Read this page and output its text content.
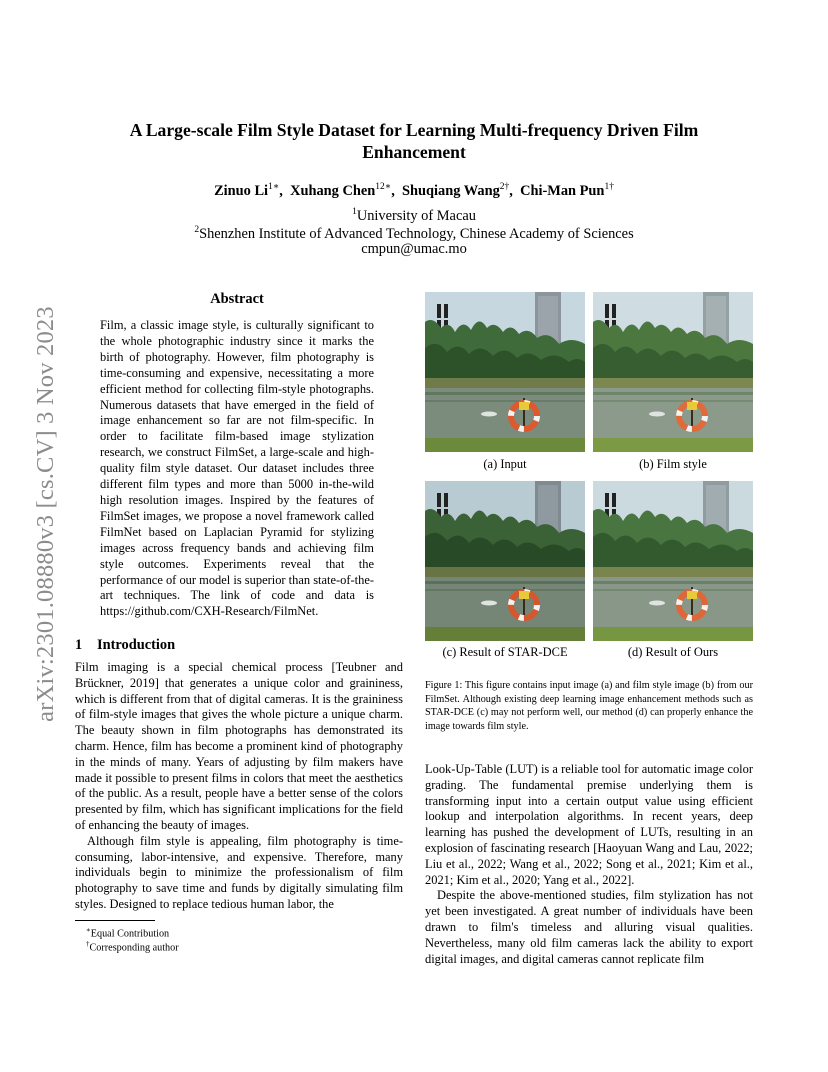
arXiv:2301.08880v3 [cs.CV] 3 Nov 2023
A Large-scale Film Style Dataset for Learning Multi-frequency Driven Film
Enhancement
Zinuo $Li^{1∗}$,  Xuhang Chen$^{12∗}$,  Shuqiang Wang$^{2\dagger}$,  Chi-Man Pun$^{1\dagger}$
$^1$University of Macau
$^2$Shenzhen Institute of Advanced Technology, Chinese Academy of Sciences
cmpun@umac.mo
Abstract
Film, a classic image style, is culturally significant to the whole photographic industry since it marks the birth of photography. However, film photography is time-consuming and expensive, necessitating a more efficient method for collecting film-style photographs. Numerous datasets that have emerged in the field of image enhancement so far are not film-specific. In order to facilitate film-based image stylization research, we construct FilmSet, a large-scale and high-quality film style dataset. Our dataset includes three different film types and more than 5000 in-the-wild high resolution images. Inspired by the features of FilmSet images, we propose a novel framework called FilmNet based on Laplacian Pyramid for stylizing images across frequency bands and achieving film style outcomes. Experiments reveal that the performance of our model is superior than state-of-the-art techniques. The link of code and data is https://github.com/CXH-Research/FilmNet.
1 Introduction

Film imaging is a special chemical process [Teubner and Brückner, 2019] that generates a unique color and graininess, which is different from that of digital cameras. It is the graininess of film-style images that gives the whole picture a unique charm. The beauty shown in film photographs has demonstrated its charm. Hence, film has become a prominent kind of photography in the minds of many. Years of adjusting by film makers have made it possible to present films in colors that meet the aesthetics of the public. As a result, people have a better sense of the colors presented by film, which has significant implications for the field of enhancing the beauty of images.

Although film style is appealing, film photography is time-consuming, labor-intensive, and expensive. Therefore, many individuals begin to minimize the professionalism of film photography to save time and funds by digitally simulating film styles. Designed to replace tedious human labor, the

∗Equal Contribution
†Corresponding author
(a) Input	(b) Film style
(c) Result of STAR-DCE	(d) Result of Ours
Figure 1: This figure contains input image (a) and film style image (b) from our FilmSet. Although existing deep learning image enhancement methods such as STAR-DCE (c) may not perform well, our method (d) can properly enhance the image towards film style.

Look-Up-Table (LUT) is a reliable tool for automatic image color grading. The fundamental premise underlying them is transforming input into a certain output value using efficient lookup and interpolation algorithms. In recent years, deep learning has pushed the development of LUTs, resulting in an explosion of fascinating research [Haoyuan Wang and Lau, 2022; Liu et al., 2022; Wang et al., 2022; Song et al., 2021; Kim et al., 2021; Kim et al., 2020; Yang et al., 2022].

Despite the above-mentioned studies, film stylization has not yet been investigated. A great number of individuals have been drawn to film's timeless and alluring visual qualities. Nevertheless, many old film cameras lack the ability to export digital images, and digital cameras cannot replicate film
